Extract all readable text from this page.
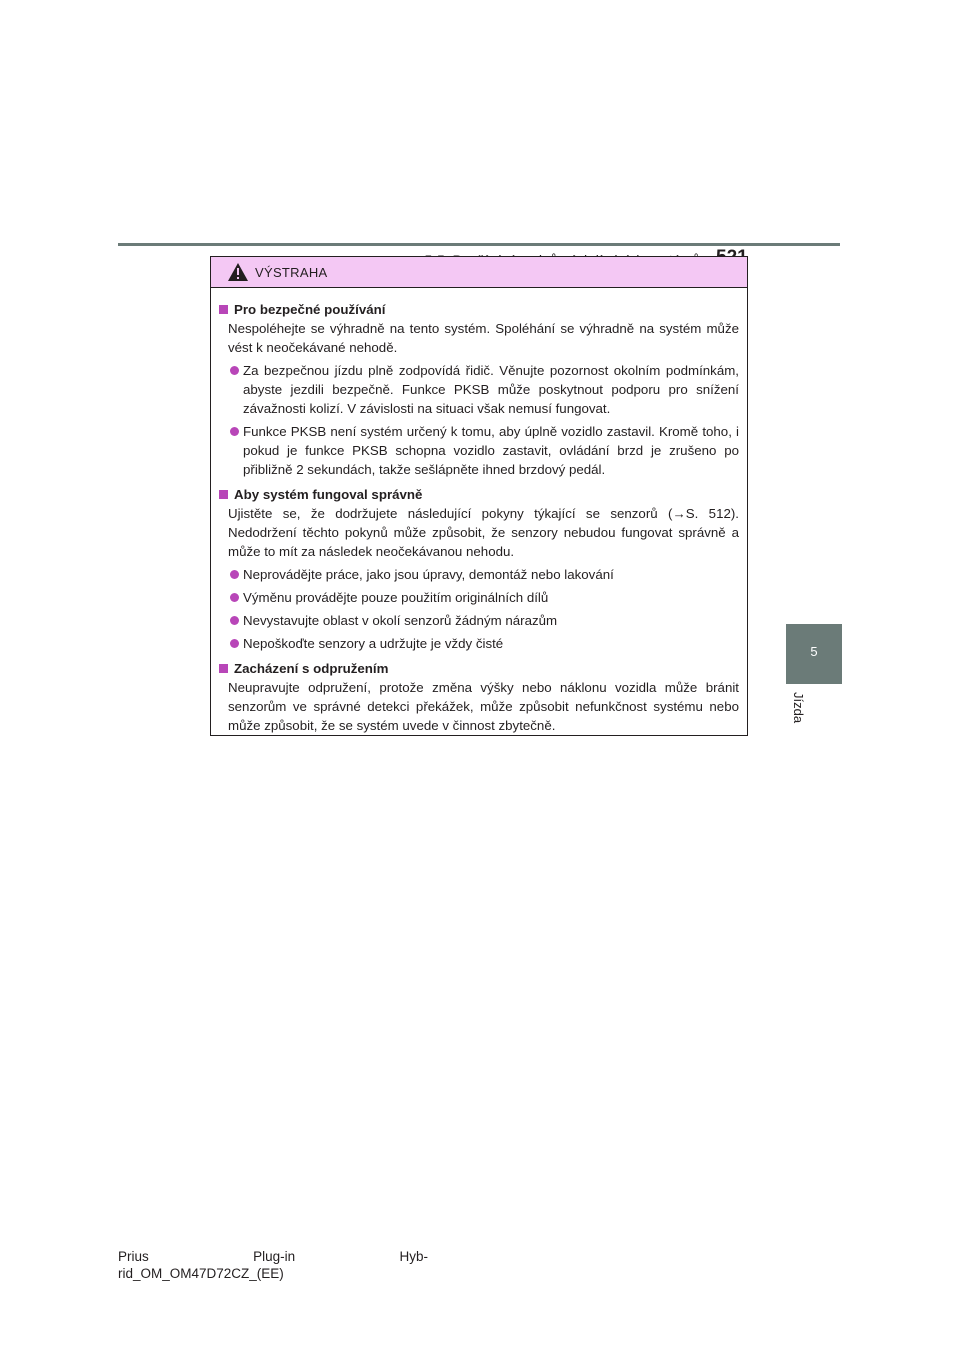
5
Jízda
VÝSTRAHA
Pro bezpečné používání
Nespoléhejte se výhradně na tento systém. Spoléhání se výhradně na systém může vést k neočekávané nehodě.
Za bezpečnou jízdu plně zodpovídá řidič. Věnujte pozornost okolním podmínkám, abyste jezdili bezpečně. Funkce PKSB může poskytnout podporu pro snížení závažnosti kolizí. V závislosti na situaci však nemusí fungovat.
Funkce PKSB není systém určený k tomu, aby úplně vozidlo zastavil. Kromě toho, i pokud je funkce PKSB schopna vozidlo zastavit, ovládání brzd je zrušeno po přibližně 2 sekundách, takže sešlápněte ihned brzdový pedál.
Aby systém fungoval správně
Ujistěte se, že dodržujete následující pokyny týkající se senzorů (→S. 512). Nedodržení těchto pokynů může způsobit, že senzory nebudou fungovat správně a může to mít za následek neočekávanou nehodu.
Neprovádějte práce, jako jsou úpravy, demontáž nebo lakování
Výměnu provádějte pouze použitím originálních dílů
Nevystavujte oblast v okolí senzorů žádným nárazům
Nepoškoďte senzory a udržujte je vždy čisté
Zacházení s odpružením
Neupravujte odpružení, protože změna výšky nebo náklonu vozidla může bránit senzorům ve správné detekci překážek, může způsobit nefunkčnost systému nebo může způsobit, že se systém uvede v činnost zbytečně.
Prius	Plug-in	Hyb-
rid_OM_OM47D72CZ_(EE)
